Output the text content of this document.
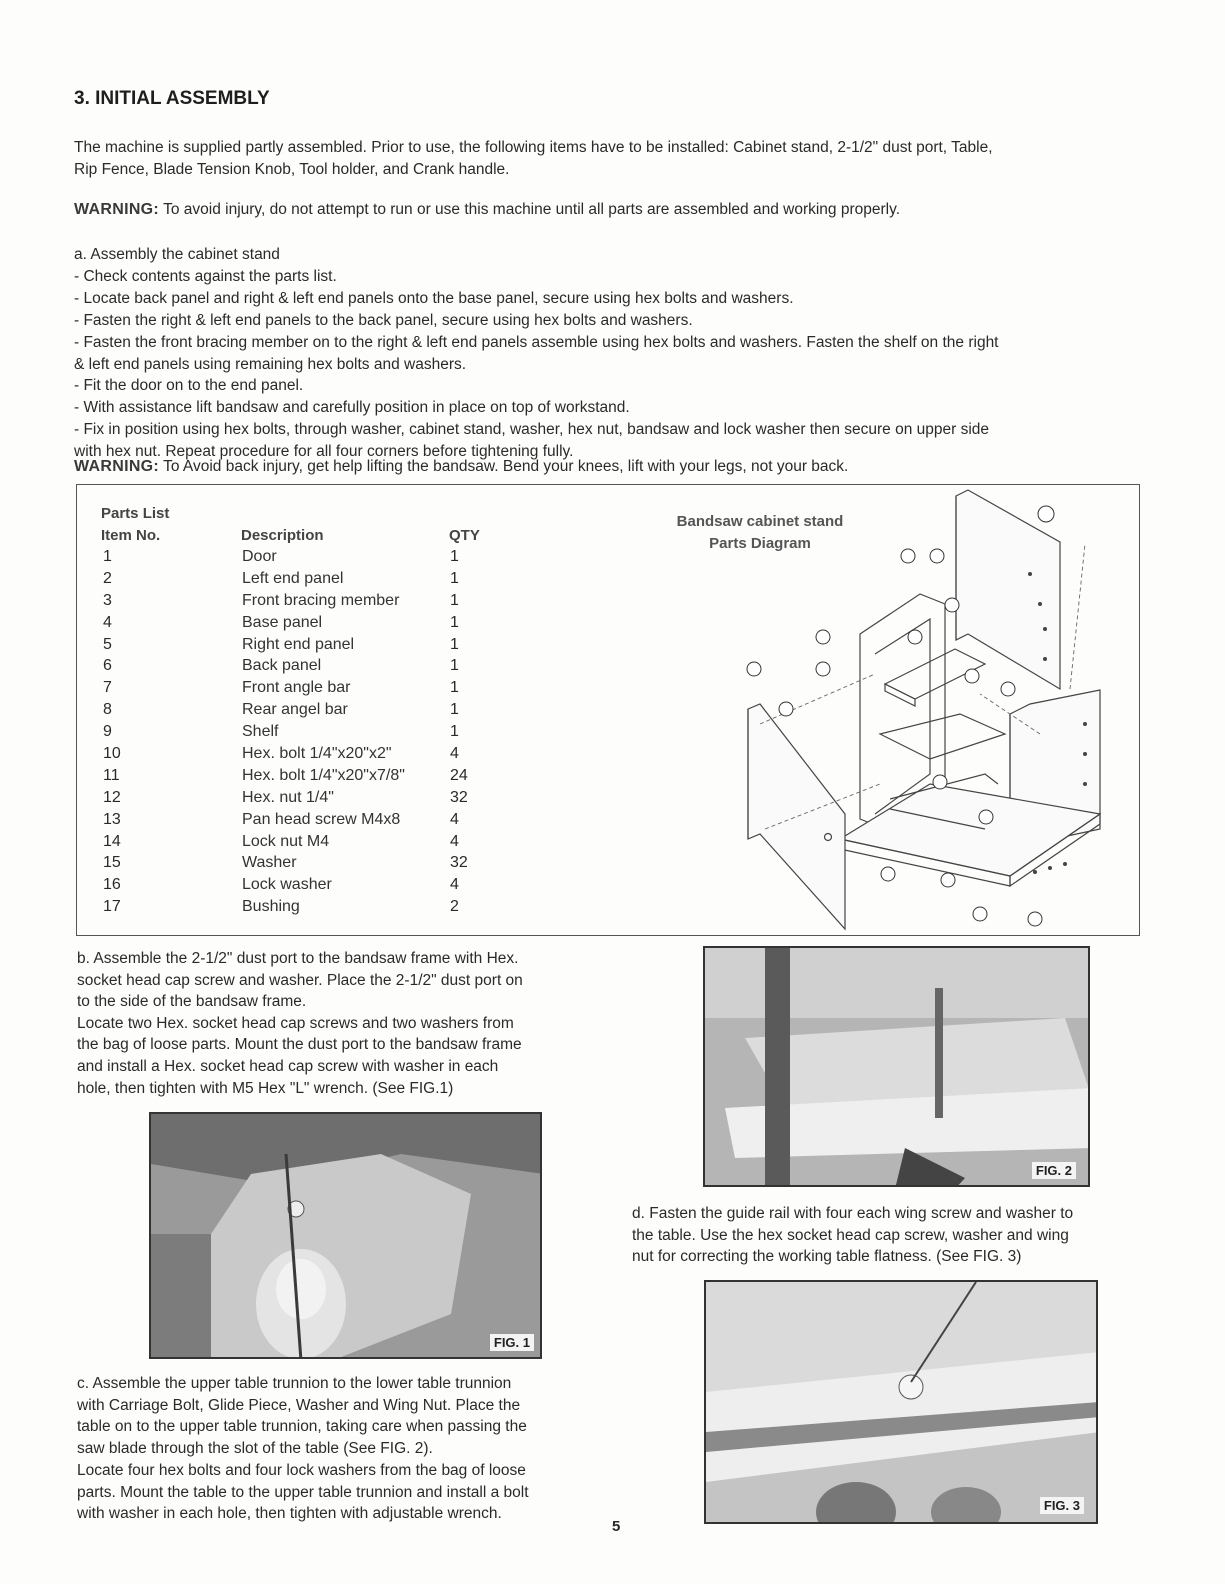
3. INITIAL ASSEMBLY
The machine is supplied partly assembled. Prior to use, the following items have to be installed: Cabinet stand, 2-1/2" dust port, Table,
Rip Fence, Blade Tension Knob, Tool holder, and Crank handle.
WARNING: To avoid injury, do not attempt to run or use this machine until all parts are assembled and working properly.
a. Assembly the cabinet stand
- Check contents against the parts list.
- Locate back panel and right & left end panels onto the base panel, secure using hex bolts and washers.
- Fasten the right & left end panels to the back panel, secure using hex bolts and washers.
- Fasten the front bracing member on to the right & left end panels assemble using hex bolts and washers. Fasten the shelf on the right
& left end panels using remaining hex bolts and washers.
- Fit the door on to the end panel.
- With assistance lift bandsaw and carefully position in place on top of workstand.
- Fix in position using hex bolts, through washer, cabinet stand, washer, hex nut, bandsaw and lock washer then secure on upper side
with hex nut. Repeat procedure for all four corners before tightening fully.
WARNING: To Avoid back injury, get help lifting the bandsaw. Bend your knees, lift with your legs, not your back.
Parts List
Item No.	Description	QTY
1	Door	1
2	Left end panel	1
3	Front bracing member	1
4	Base panel	1
5	Right end panel	1
6	Back panel	1
7	Front angle bar	1
8	Rear angel bar	1
9	Shelf	1
10	Hex. bolt 1/4"x20"x2"	4
11	Hex. bolt 1/4"x20"x7/8"	24
12	Hex. nut 1/4"	32
13	Pan head screw M4x8	4
14	Lock nut M4	4
15	Washer	32
16	Lock washer	4
17	Bushing	2
Bandsaw cabinet stand
Parts Diagram
b. Assemble the 2-1/2" dust port to the bandsaw frame with Hex.
socket head cap screw and washer. Place the 2-1/2" dust port on
to the side of the bandsaw frame.
Locate two Hex. socket head cap screws and two washers from
the bag of loose parts. Mount the dust port to the bandsaw frame
and install a Hex. socket head cap screw with washer in each
hole, then tighten with M5 Hex "L" wrench. (See FIG.1)
FIG. 1
c. Assemble the upper table trunnion to the lower table trunnion
with Carriage Bolt, Glide Piece, Washer and Wing Nut. Place the
table on to the upper table trunnion, taking care when passing the
saw blade through the slot of the table (See FIG. 2).
Locate four hex bolts and four lock washers from the bag of loose
parts. Mount the table to the upper table trunnion and install a bolt
with washer in each hole, then tighten with adjustable wrench.
FIG. 2
d. Fasten the guide rail with four each wing screw and washer to
the table. Use the hex socket head cap screw, washer and wing
nut for correcting the working table flatness. (See FIG. 3)
FIG. 3
5
